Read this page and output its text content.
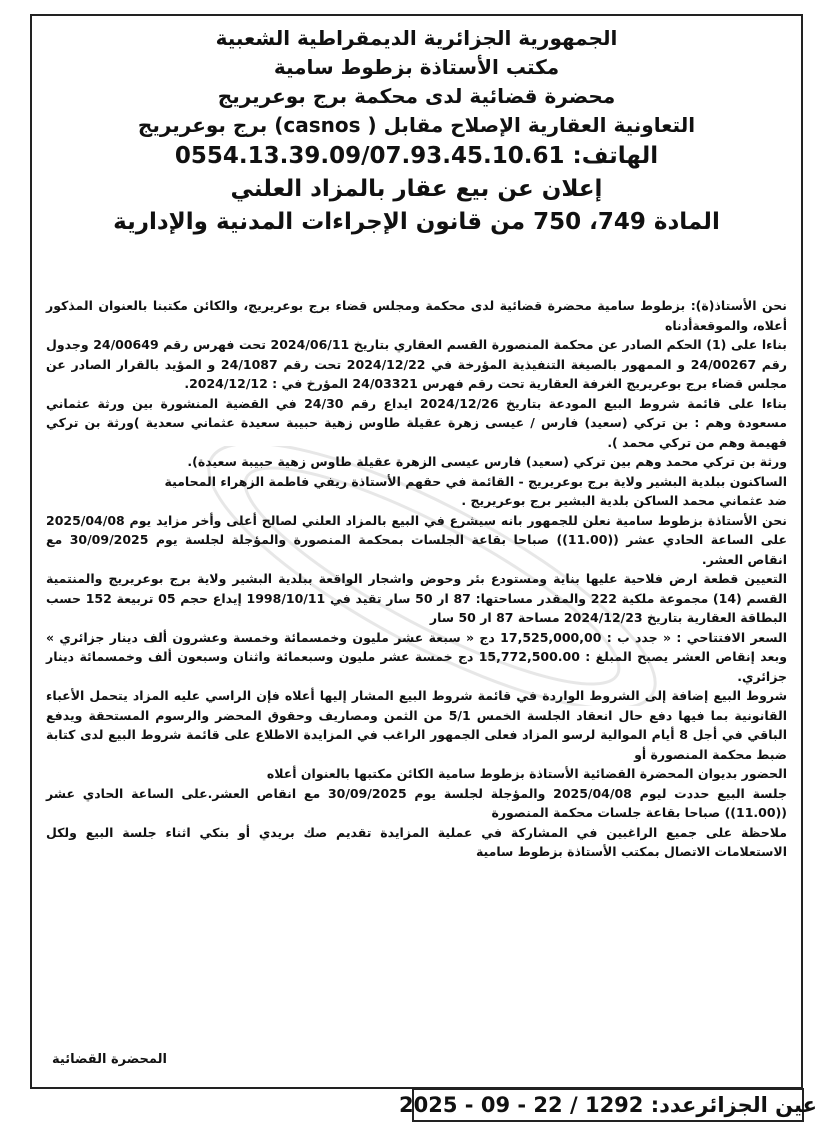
الجمهورية الجزائرية الديمقراطية الشعبية
مكتب الأستاذة بزطوط سامية
محضرة قضائية لدى محكمة برج بوعريريج
التعاونية العقارية الإصلاح مقابل ( casnos) برج بوعريريج
الهاتف: 0554.13.39.09/07.93.45.10.61
إعلان عن بيع عقار بالمزاد العلني
المادة 749، 750 من قانون الإجراءات المدنية والإدارية

نحن الأستاذ(ة): بزطوط سامية محضرة قضائية لدى محكمة ومجلس قضاء برج بوعريريج، والكائن مكتبنا بالعنوان المذكور أعلاه، والموقعةأدناه

بناءا على (1) الحكم الصادر عن محكمة المنصورة القسم العقاري بتاريخ 2024/06/11 تحت فهرس رقم 24/00649 وجدول رقم 24/00267 و الممهور بالصيغة التنفيذية المؤرخة في 2024/12/22 تحت رقم 24/1087 و المؤيد بالقرار الصادر عن مجلس قضاء برج بوعريريج الغرفة العقارية تحت رقم فهرس 24/03321 المؤرخ في : 2024/12/12.

بناءا على قائمة شروط البيع المودعة بتاريخ 2024/12/26 ايداع رقم 24/30 في القضية المنشورة بين ورثة عثماني مسعودة وهم : بن تركي (سعيد) فارس / عيسى زهرة عقيلة طاوس زهية حبيبة سعيدة عثماني سعدية )ورثة بن تركي فهيمة وهم من تركي محمد ).

ورثة بن تركي محمد وهم بين تركي (سعيد) فارس عيسى الزهرة عقيلة طاوس زهية حبيبة سعيدة).

الساكنون ببلدية البشير ولاية برج بوعريريج - القائمة في حقهم الأستاذة ريفي فاطمة الزهراء المحامية

ضد عثماني محمد الساكن بلدية البشير برج بوعريريج .

نحن الأستاذة بزطوط سامية نعلن للجمهور بانه سيشرع في البيع بالمزاد العلني لصالح أعلى وأخر مزايد يوم 2025/04/08 على الساعة الحادي عشر ((11.00)) صباحا بقاعة الجلسات بمحكمة المنصورة والمؤجلة لجلسة يوم 30/09/2025 مع انقاص العشر.

التعيين قطعة ارض فلاحية عليها بناية ومستودع بئر وحوض واشجار الواقعة ببلدية البشير ولاية برج بوعريريج والمنتمية القسم (14) مجموعة ملكية 222 والمقدر مساحتها: 87 ار 50 سار تقيد في 1998/10/11 إيداع حجم 05 تربيعة 152 حسب البطاقة العقارية بتاريخ 2024/12/23 مساحة 87 ار 50 سار

السعر الافتتاحي : « جدد ب : 17,525,000,00 دج « سبعة عشر مليون وخمسمائة وخمسة وعشرون ألف دينار جزائري » وبعد إنقاص العشر يصبح المبلغ : 15,772,500.00 دج خمسة عشر مليون وسبعمائة واثنان وسبعون ألف وخمسمائة دينار جزائري.

شروط البيع إضافة إلى الشروط الواردة في قائمة شروط البيع المشار إليها أعلاه فإن الراسي عليه المزاد يتحمل الأعباء القانونية بما فيها دفع حال انعقاد الجلسة الخمس 5/1 من الثمن ومصاريف وحقوق المحضر والرسوم المستحقة ويدفع الباقي في أجل 8 أيام الموالية لرسو المزاد فعلى الجمهور الراغب في المزايدة الاطلاع على قائمة شروط البيع لدى كتابة ضبط محكمة المنصورة أو

الحضور بديوان المحضرة القضائية الأستاذة بزطوط سامية الكائن مكتبها بالعنوان أعلاه

جلسة البيع حددت ليوم 2025/04/08 والمؤجلة لجلسة يوم 30/09/2025 مع انقاص العشر.على الساعة الحادي عشر ((11.00)) صباحا بقاعة جلسات محكمة المنصورة

ملاحظة على جميع الراغبين في المشاركة في عملية المزايدة تقديم صك بريدي أو بنكي اثناء جلسة البيع ولكل الاستعلامات الاتصال بمكتب الأستاذة بزطوط سامية

المحضرة القضائية
عين الجزائرعدد: 1292 / 22 - 09 - 2025
